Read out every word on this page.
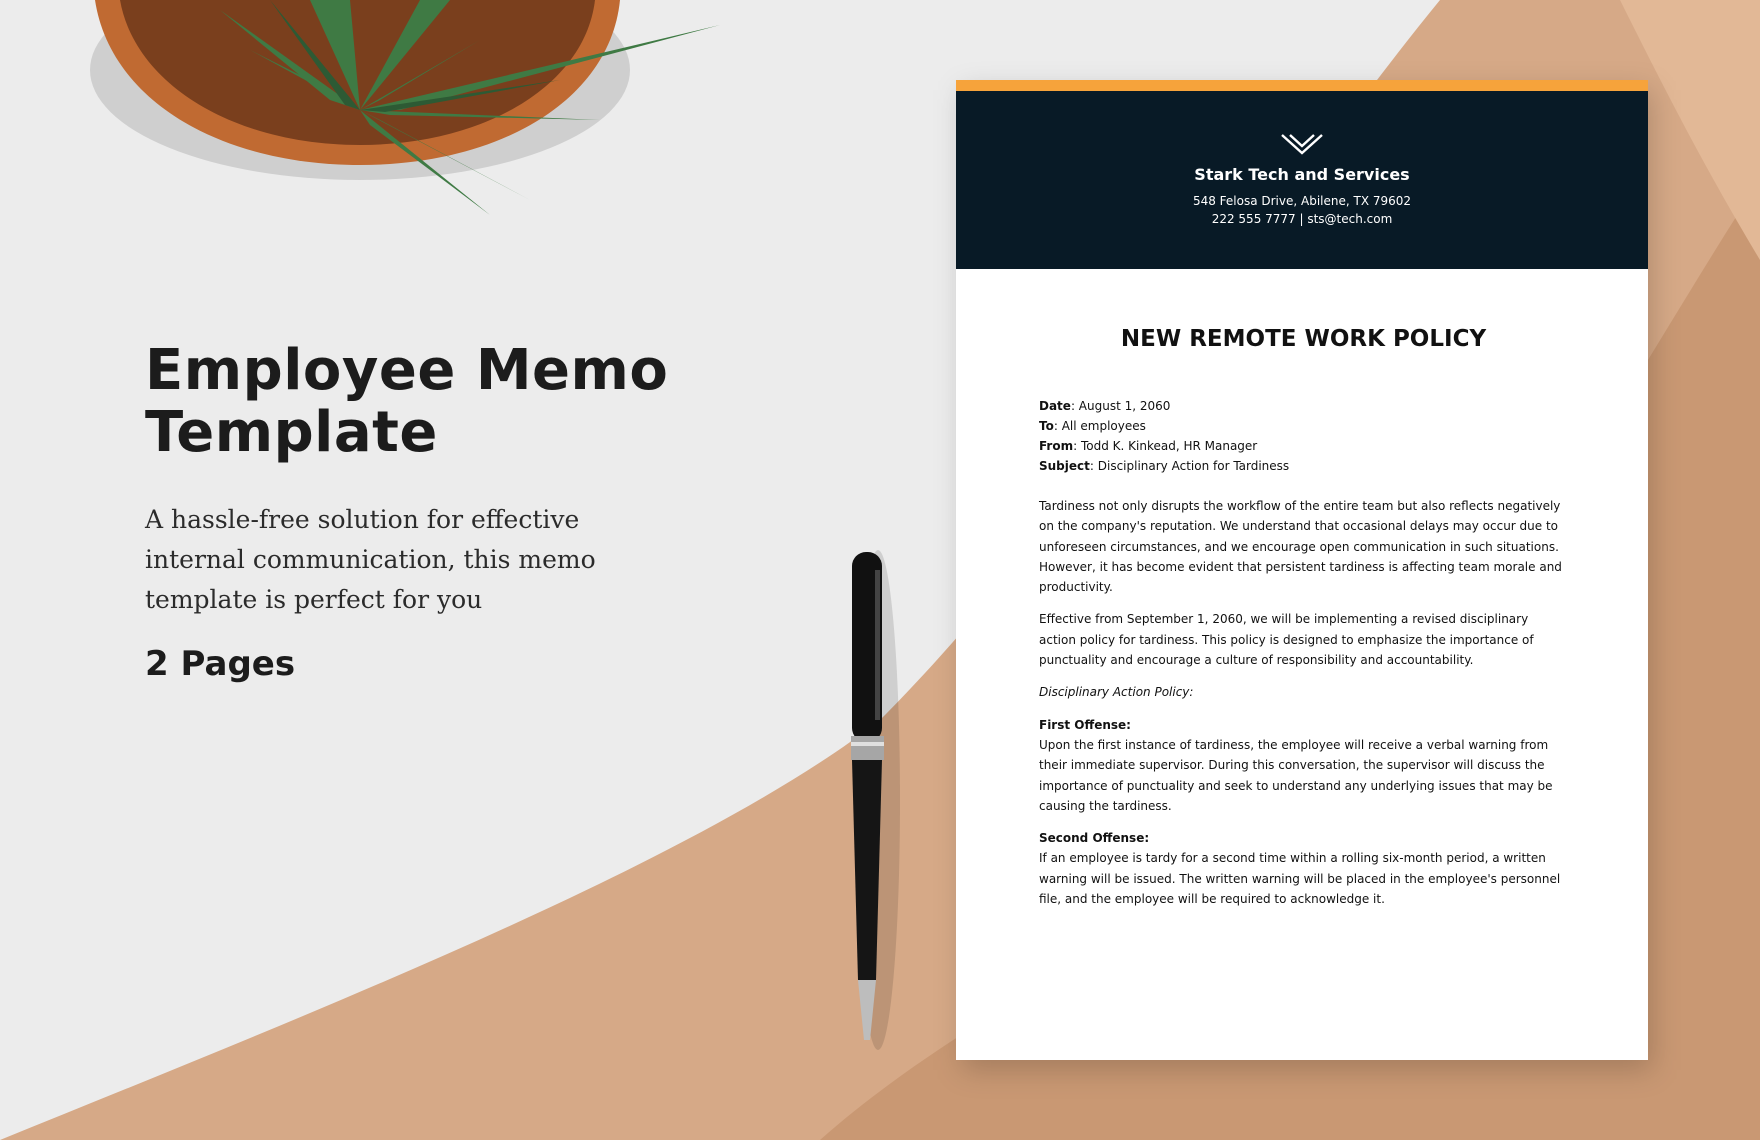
Employee Memo
Template

A hassle-free solution for effective internal communication, this memo template is perfect for you

2 Pages

Stark Tech and Services
548 Felosa Drive, Abilene, TX 79602
222 555 7777 | sts@tech.com

NEW REMOTE WORK POLICY

Date: August 1, 2060
To: All employees
From: Todd K. Kinkead, HR Manager
Subject: Disciplinary Action for Tardiness

Tardiness not only disrupts the workflow of the entire team but also reflects negatively on the company's reputation. We understand that occasional delays may occur due to unforeseen circumstances, and we encourage open communication in such situations. However, it has become evident that persistent tardiness is affecting team morale and productivity.

Effective from September 1, 2060, we will be implementing a revised disciplinary action policy for tardiness. This policy is designed to emphasize the importance of punctuality and encourage a culture of responsibility and accountability.

Disciplinary Action Policy:

First Offense:

Upon the first instance of tardiness, the employee will receive a verbal warning from their immediate supervisor. During this conversation, the supervisor will discuss the importance of punctuality and seek to understand any underlying issues that may be causing the tardiness.

Second Offense:

If an employee is tardy for a second time within a rolling six-month period, a written warning will be issued. The written warning will be placed in the employee's personnel file, and the employee will be required to acknowledge it.
